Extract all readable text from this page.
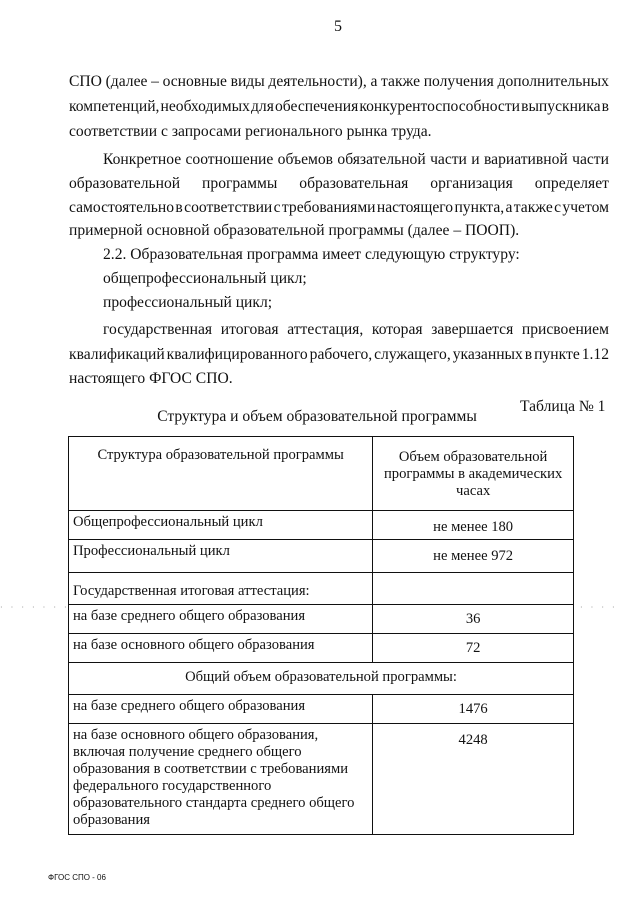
5
СПО (далее – основные виды деятельности), а также получения дополнительных
компетенций, необходимых для обеспечения конкурентоспособности выпускника в
соответствии с запросами регионального рынка труда.
Конкретное соотношение объемов обязательной части и вариативной части
образовательной программы образовательная организация определяет
самостоятельно в соответствии с требованиями настоящего пункта, а также с учетом
примерной основной образовательной программы (далее – ПООП).
2.2. Образовательная программа имеет следующую структуру:
общепрофессиональный цикл;
профессиональный цикл;
государственная итоговая аттестация, которая завершается присвоением
квалификаций квалифицированного рабочего, служащего, указанных в пункте 1.12
настоящего ФГОС СПО.
Таблица № 1
Структура и объем образовательной программы
Структура образовательной программы	Объем образовательной программы в академических часах
Общепрофессиональный цикл	не менее 180
Профессиональный цикл	не менее 972
Государственная итоговая аттестация:	
на базе среднего общего образования	36
на базе основного общего образования	72
Общий объем образовательной программы:	
на базе среднего общего образования	1476
на базе основного общего образования, включая получение среднего общего образования в соответствии с требованиями федерального государственного образовательного стандарта среднего общего образования	4248
· · · · · · ·	· · · ·
ФГОС СПО - 06
